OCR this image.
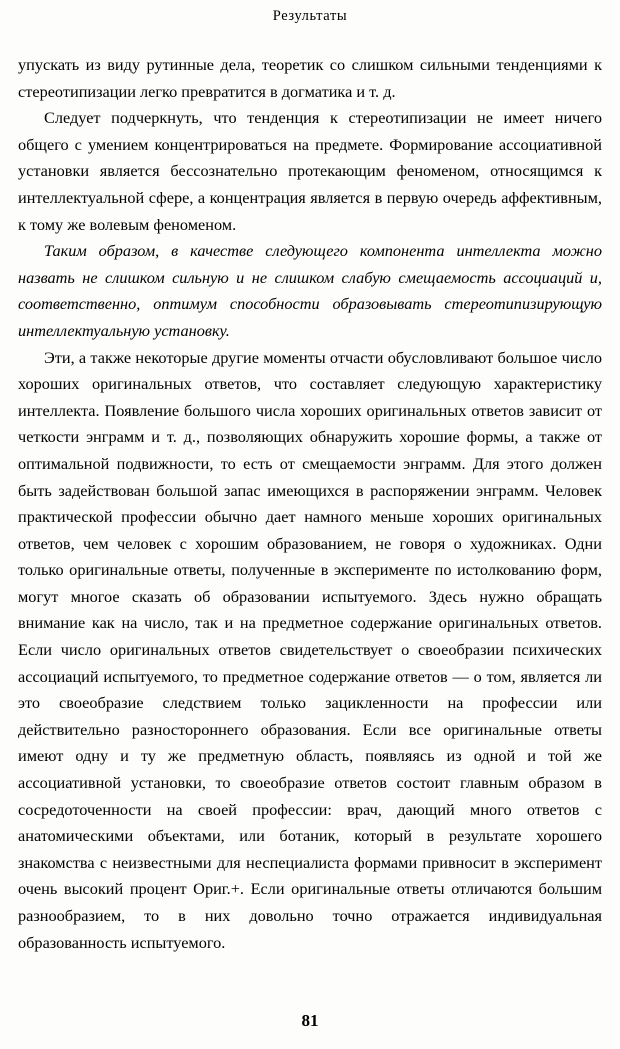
Результаты

упускать из виду рутинные дела, теоретик со слишком сильными тенденциями к стереотипизации легко превратится в догматика и т. д.

Следует подчеркнуть, что тенденция к стереотипизации не имеет ничего общего с умением концентрироваться на предмете. Формирование ассоциативной установки является бессознательно протекающим феноменом, относящимся к интеллектуальной сфере, а концентрация является в первую очередь аффективным, к тому же волевым феноменом.

Таким образом, в качестве следующего компонента интеллекта можно назвать не слишком сильную и не слишком слабую смещаемость ассоциаций и, соответственно, оптимум способности образовывать стереотипизирующую интеллектуальную установку.

Эти, а также некоторые другие моменты отчасти обусловливают большое число хороших оригинальных ответов, что составляет следующую характеристику интеллекта. Появление большого числа хороших оригинальных ответов зависит от четкости энграмм и т. д., позволяющих обнаружить хорошие формы, а также от оптимальной подвижности, то есть от смещаемости энграмм. Для этого должен быть задействован большой запас имеющихся в распоряжении энграмм. Человек практической профессии обычно дает намного меньше хороших оригинальных ответов, чем человек с хорошим образованием, не говоря о художниках. Одни только оригинальные ответы, полученные в эксперименте по истолкованию форм, могут многое сказать об образовании испытуемого. Здесь нужно обращать внимание как на число, так и на предметное содержание оригинальных ответов. Если число оригинальных ответов свидетельствует о своеобразии психических ассоциаций испытуемого, то предметное содержание ответов — о том, является ли это своеобразие следствием только зацикленности на профессии или действительно разностороннего образования. Если все оригинальные ответы имеют одну и ту же предметную область, появляясь из одной и той же ассоциативной установки, то своеобразие ответов состоит главным образом в сосредоточенности на своей профессии: врач, дающий много ответов с анатомическими объектами, или ботаник, который в результате хорошего знакомства с неизвестными для неспециалиста формами привносит в эксперимент очень высокий процент Ориг.+. Если оригинальные ответы отличаются большим разнообразием, то в них довольно точно отражается индивидуальная образованность испытуемого.

81
